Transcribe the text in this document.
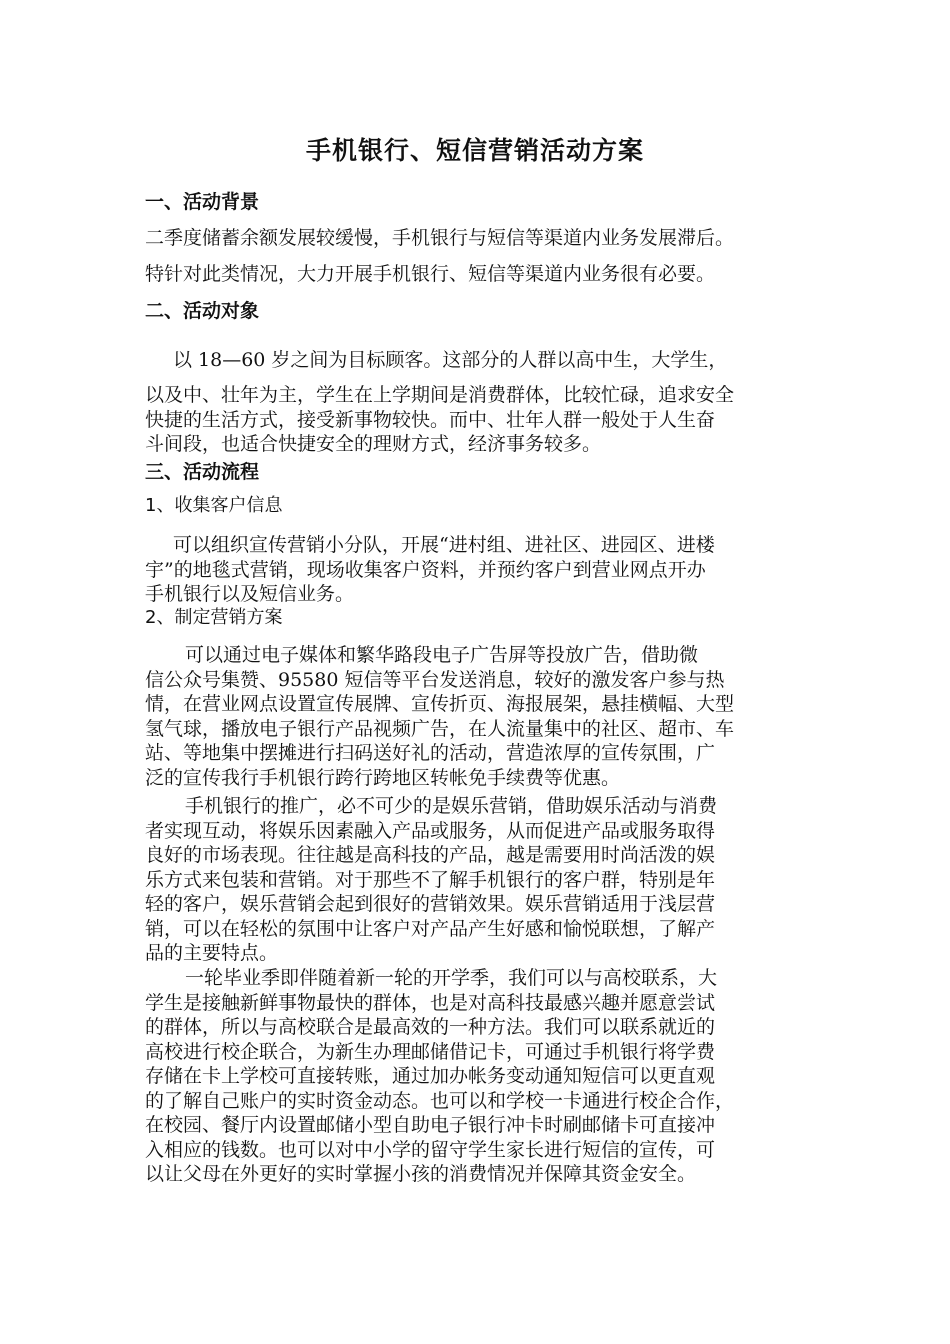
手机银行、短信营销活动方案
一、活动背景
二季度储蓄余额发展较缓慢，手机银行与短信等渠道内业务发展滞后。
特针对此类情况，大力开展手机银行、短信等渠道内业务很有必要。
二、活动对象
以 18—60 岁之间为目标顾客。这部分的人群以高中生，大学生，
以及中、壮年为主，学生在上学期间是消费群体，比较忙碌，追求安全
快捷的生活方式，接受新事物较快。而中、壮年人群一般处于人生奋
斗间段，也适合快捷安全的理财方式，经济事务较多。
三、活动流程
1、收集客户信息
可以组织宣传营销小分队，开展“进村组、进社区、进园区、进楼
宇”的地毯式营销，现场收集客户资料，并预约客户到营业网点开办
手机银行以及短信业务。
2、制定营销方案
可以通过电子媒体和繁华路段电子广告屏等投放广告，借助微
信公众号集赞、95580 短信等平台发送消息，较好的激发客户参与热
情，在营业网点设置宣传展牌、宣传折页、海报展架，悬挂横幅、大型
氢气球，播放电子银行产品视频广告，在人流量集中的社区、超市、车
站、等地集中摆摊进行扫码送好礼的活动，营造浓厚的宣传氛围，广
泛的宣传我行手机银行跨行跨地区转帐免手续费等优惠。
手机银行的推广，必不可少的是娱乐营销，借助娱乐活动与消费
者实现互动，将娱乐因素融入产品或服务，从而促进产品或服务取得
良好的市场表现。往往越是高科技的产品，越是需要用时尚活泼的娱
乐方式来包装和营销。对于那些不了解手机银行的客户群，特别是年
轻的客户，娱乐营销会起到很好的营销效果。娱乐营销适用于浅层营
销，可以在轻松的氛围中让客户对产品产生好感和愉悦联想，了解产
品的主要特点。
一轮毕业季即伴随着新一轮的开学季，我们可以与高校联系，大
学生是接触新鲜事物最快的群体，也是对高科技最感兴趣并愿意尝试
的群体，所以与高校联合是最高效的一种方法。我们可以联系就近的
高校进行校企联合，为新生办理邮储借记卡，可通过手机银行将学费
存储在卡上学校可直接转账，通过加办帐务变动通知短信可以更直观
的了解自己账户的实时资金动态。也可以和学校一卡通进行校企合作，
在校园、餐厅内设置邮储小型自助电子银行冲卡时刷邮储卡可直接冲
入相应的钱数。也可以对中小学的留守学生家长进行短信的宣传，可
以让父母在外更好的实时掌握小孩的消费情况并保障其资金安全。
